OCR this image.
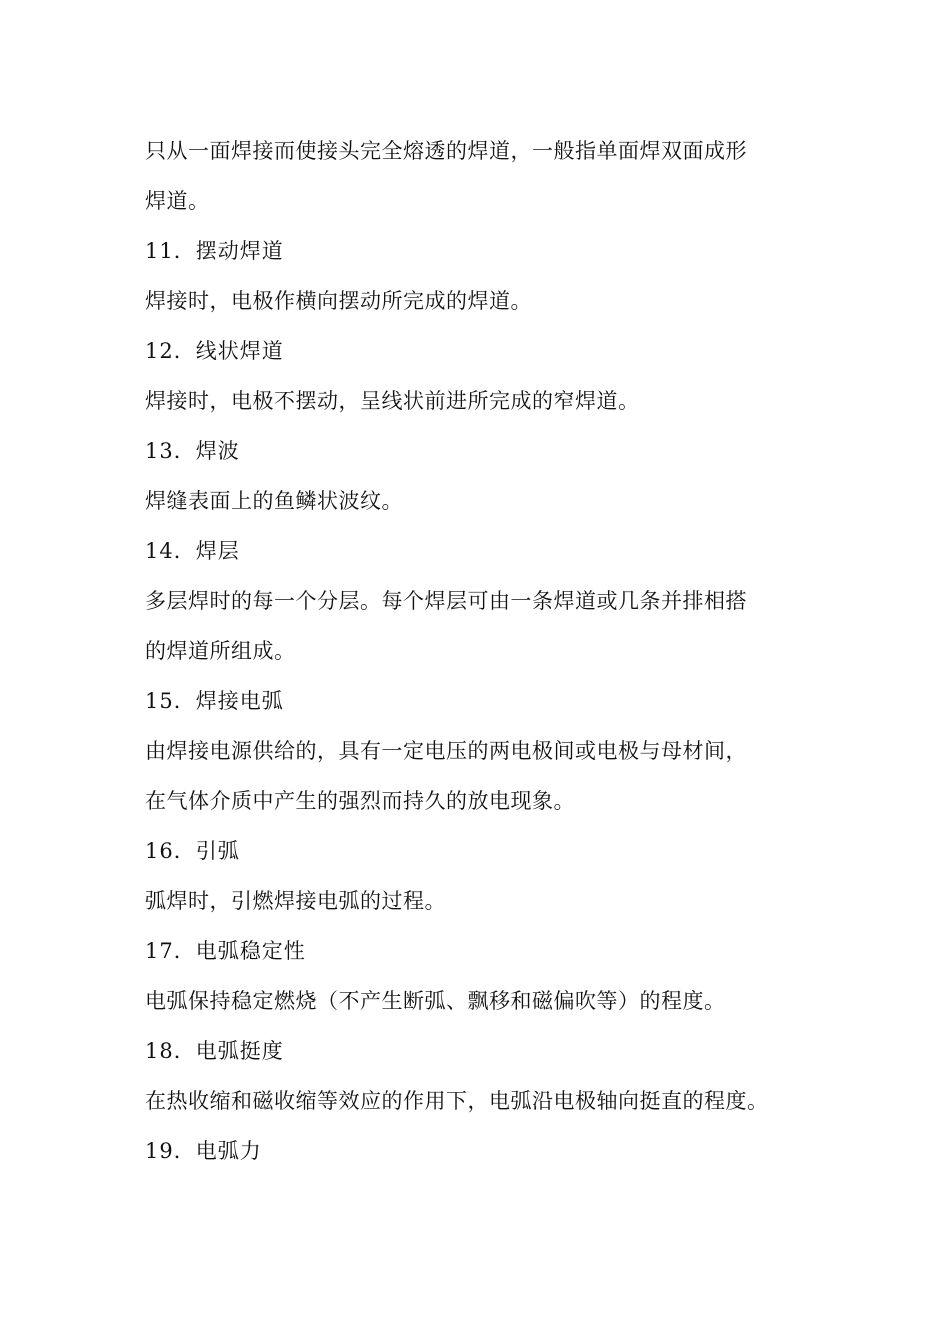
只从一面焊接而使接头完全熔透的焊道，一般指单面焊双面成形
焊道。
11．摆动焊道
焊接时，电极作横向摆动所完成的焊道。
12．线状焊道
焊接时，电极不摆动，呈线状前进所完成的窄焊道。
13．焊波
焊缝表面上的鱼鳞状波纹。
14．焊层
多层焊时的每一个分层。每个焊层可由一条焊道或几条并排相搭
的焊道所组成。
15．焊接电弧
由焊接电源供给的，具有一定电压的两电极间或电极与母材间，
在气体介质中产生的强烈而持久的放电现象。
16．引弧
弧焊时，引燃焊接电弧的过程。
17．电弧稳定性
电弧保持稳定燃烧（不产生断弧、飘移和磁偏吹等）的程度。
18．电弧挺度
在热收缩和磁收缩等效应的作用下，电弧沿电极轴向挺直的程度。
19．电弧力
